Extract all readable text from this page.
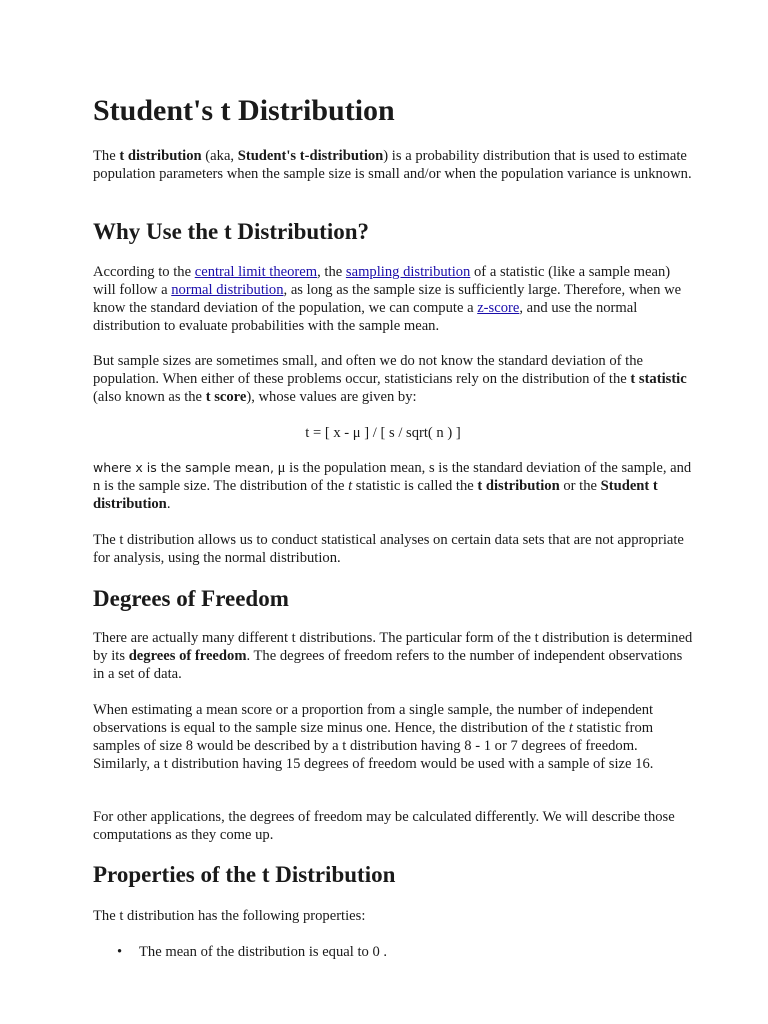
Student's t Distribution

The t distribution (aka, Student's t-distribution) is a probability distribution that is used to estimate population parameters when the sample size is small and/or when the population variance is unknown.

Why Use the t Distribution?

According to the central limit theorem, the sampling distribution of a statistic (like a sample mean) will follow a normal distribution, as long as the sample size is sufficiently large. Therefore, when we know the standard deviation of the population, we can compute a z-score, and use the normal distribution to evaluate probabilities with the sample mean.

But sample sizes are sometimes small, and often we do not know the standard deviation of the population. When either of these problems occur, statisticians rely on the distribution of the t statistic (also known as the t score), whose values are given by:

t = [ x - μ ] / [ s / sqrt( n ) ]

where x is the sample mean, μ is the population mean, s is the standard deviation of the sample, and n is the sample size. The distribution of the t statistic is called the t distribution or the Student t distribution.

The t distribution allows us to conduct statistical analyses on certain data sets that are not appropriate for analysis, using the normal distribution.

Degrees of Freedom

There are actually many different t distributions. The particular form of the t distribution is determined by its degrees of freedom. The degrees of freedom refers to the number of independent observations in a set of data.

When estimating a mean score or a proportion from a single sample, the number of independent observations is equal to the sample size minus one. Hence, the distribution of the t statistic from samples of size 8 would be described by a t distribution having 8 - 1 or 7 degrees of freedom. Similarly, a t distribution having 15 degrees of freedom would be used with a sample of size 16.

For other applications, the degrees of freedom may be calculated differently. We will describe those computations as they come up.

Properties of the t Distribution

The t distribution has the following properties:

• The mean of the distribution is equal to 0 .
